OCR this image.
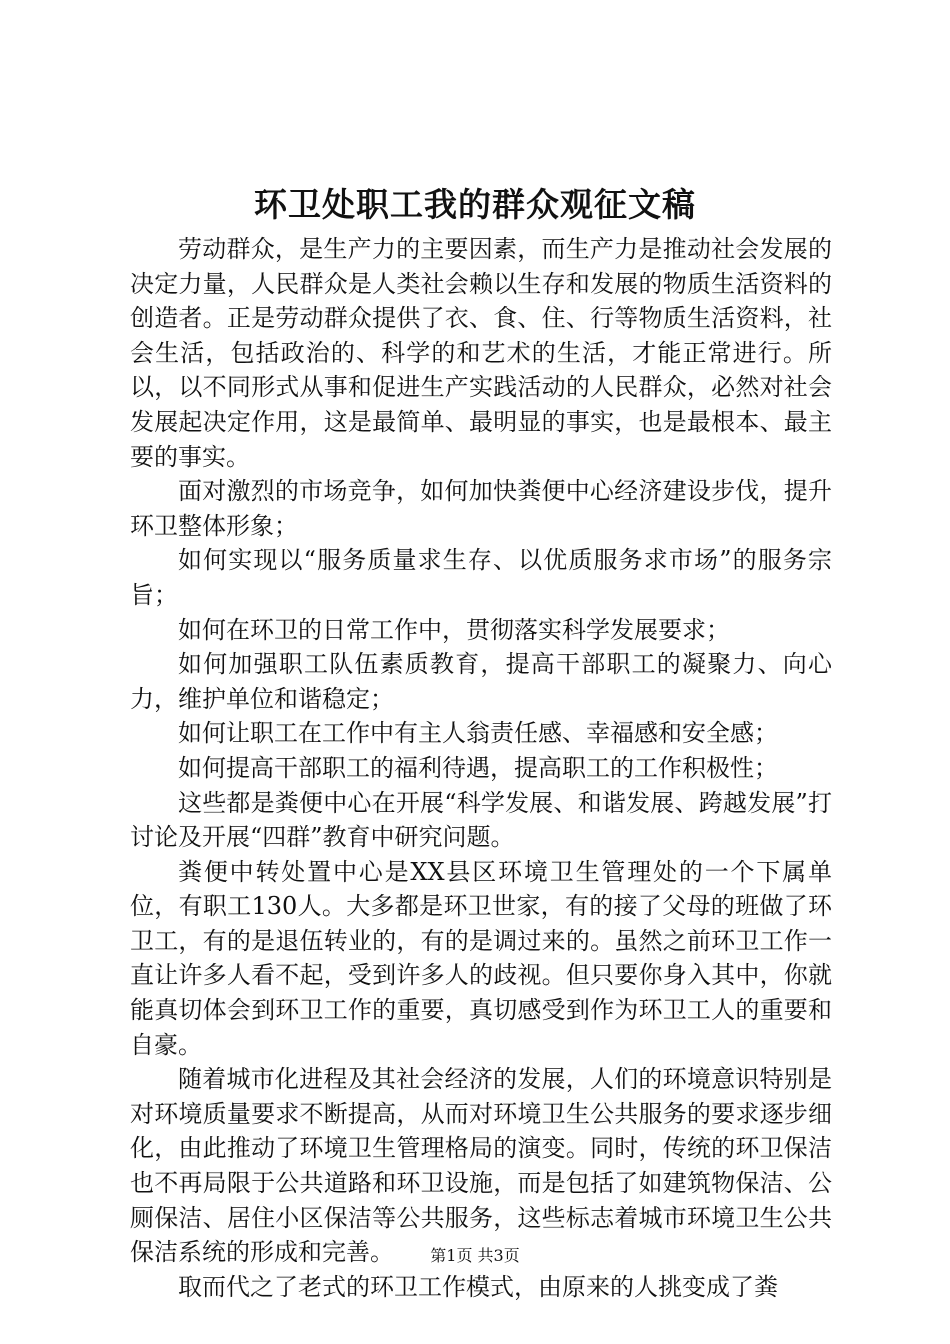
环卫处职工我的群众观征文稿

劳动群众，是生产力的主要因素，而生产力是推动社会发展的决定力量，人民群众是人类社会赖以生存和发展的物质生活资料的创造者。正是劳动群众提供了衣、食、住、行等物质生活资料，社会生活，包括政治的、科学的和艺术的生活，才能正常进行。所以，以不同形式从事和促进生产实践活动的人民群众，必然对社会发展起决定作用，这是最简单、最明显的事实，也是最根本、最主要的事实。

面对激烈的市场竞争，如何加快粪便中心经济建设步伐，提升环卫整体形象；

如何实现以“服务质量求生存、以优质服务求市场”的服务宗旨；

如何在环卫的日常工作中，贯彻落实科学发展要求；

如何加强职工队伍素质教育，提高干部职工的凝聚力、向心力，维护单位和谐稳定；

如何让职工在工作中有主人翁责任感、幸福感和安全感；

如何提高干部职工的福利待遇，提高职工的工作积极性；

这些都是粪便中心在开展“科学发展、和谐发展、跨越发展”打讨论及开展“四群”教育中研究问题。

粪便中转处置中心是XX县区环境卫生管理处的一个下属单位，有职工130人。大多都是环卫世家，有的接了父母的班做了环卫工，有的是退伍转业的，有的是调过来的。虽然之前环卫工作一直让许多人看不起，受到许多人的歧视。但只要你身入其中，你就能真切体会到环卫工作的重要，真切感受到作为环卫工人的重要和自豪。

随着城市化进程及其社会经济的发展，人们的环境意识特别是对环境质量要求不断提高，从而对环境卫生公共服务的要求逐步细化，由此推动了环境卫生管理格局的演变。同时，传统的环卫保洁也不再局限于公共道路和环卫设施，而是包括了如建筑物保洁、公厕保洁、居住小区保洁等公共服务，这些标志着城市环境卫生公共保洁系统的形成和完善。

取而代之了老式的环卫工作模式，由原来的人挑变成了粪

第1页 共3页
